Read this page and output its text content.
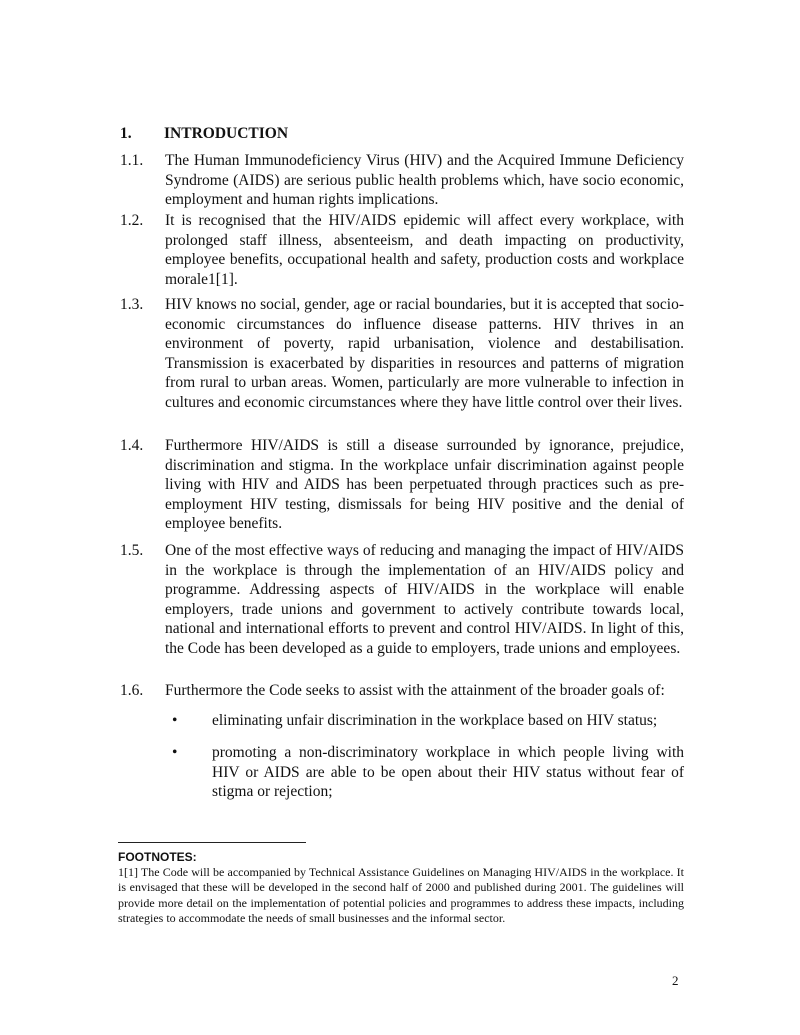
1. INTRODUCTION
1.1. The Human Immunodeficiency Virus (HIV) and the Acquired Immune Deficiency Syndrome (AIDS) are serious public health problems which, have socio economic, employment and human rights implications.
1.2. It is recognised that the HIV/AIDS epidemic will affect every workplace, with prolonged staff illness, absenteeism, and death impacting on productivity, employee benefits, occupational health and safety, production costs and workplace morale1[1].
1.3. HIV knows no social, gender, age or racial boundaries, but it is accepted that socio-economic circumstances do influence disease patterns. HIV thrives in an environment of poverty, rapid urbanisation, violence and destabilisation. Transmission is exacerbated by disparities in resources and patterns of migration from rural to urban areas. Women, particularly are more vulnerable to infection in cultures and economic circumstances where they have little control over their lives.
1.4. Furthermore HIV/AIDS is still a disease surrounded by ignorance, prejudice, discrimination and stigma. In the workplace unfair discrimination against people living with HIV and AIDS has been perpetuated through practices such as pre-employment HIV testing, dismissals for being HIV positive and the denial of employee benefits.
1.5. One of the most effective ways of reducing and managing the impact of HIV/AIDS in the workplace is through the implementation of an HIV/AIDS policy and programme. Addressing aspects of HIV/AIDS in the workplace will enable employers, trade unions and government to actively contribute towards local, national and international efforts to prevent and control HIV/AIDS. In light of this, the Code has been developed as a guide to employers, trade unions and employees.
1.6. Furthermore the Code seeks to assist with the attainment of the broader goals of:
• eliminating unfair discrimination in the workplace based on HIV status;
• promoting a non-discriminatory workplace in which people living with HIV or AIDS are able to be open about their HIV status without fear of stigma or rejection;
FOOTNOTES:
1[1] The Code will be accompanied by Technical Assistance Guidelines on Managing HIV/AIDS in the workplace. It is envisaged that these will be developed in the second half of 2000 and published during 2001. The guidelines will provide more detail on the implementation of potential policies and programmes to address these impacts, including strategies to accommodate the needs of small businesses and the informal sector.
2
